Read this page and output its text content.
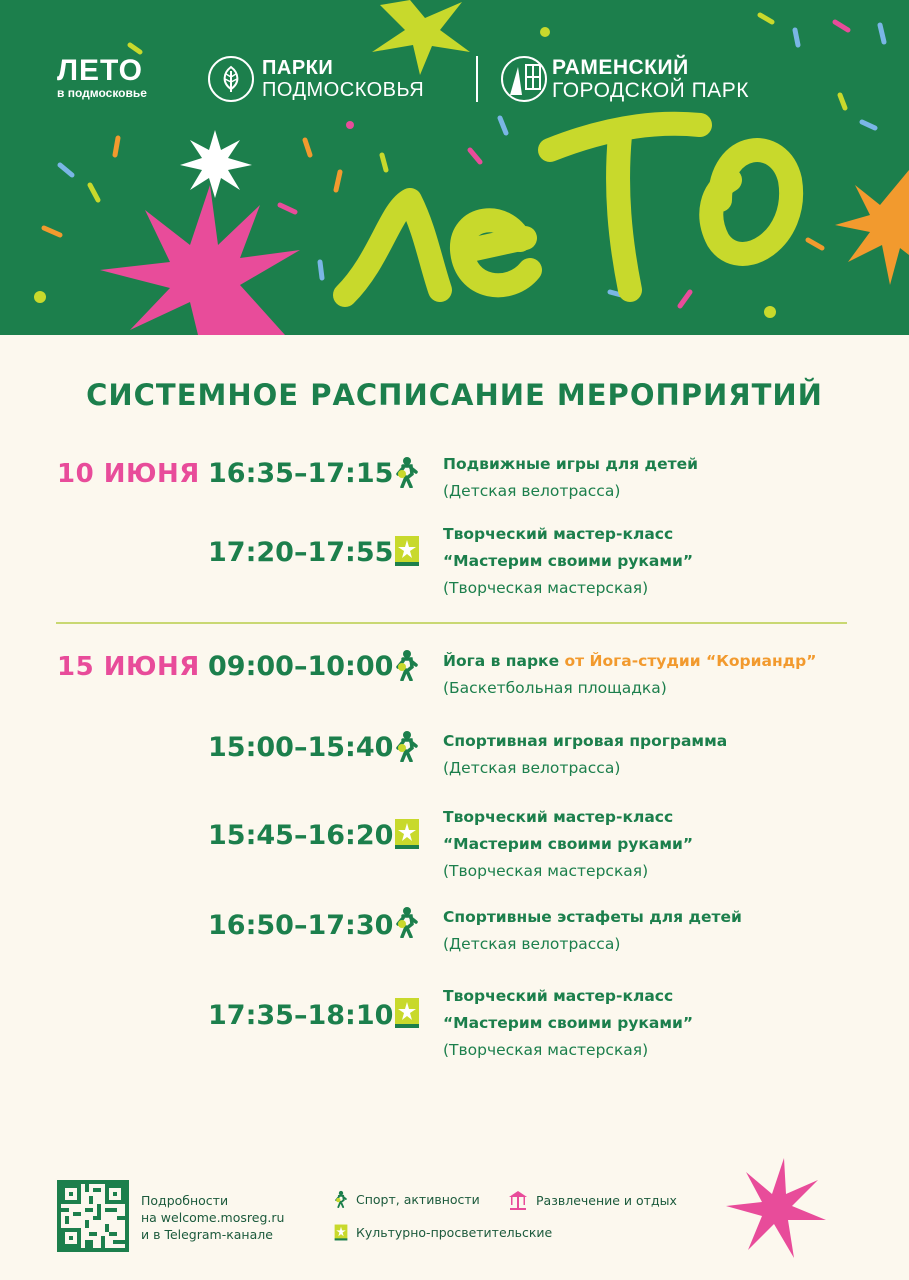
ЛЕТО
в подмосковье
ПАРКИ
ПОДМОСКОВЬЯ
РАМЕНСКИЙ
ГОРОДСКОЙ ПАРК
СИСТЕМНОЕ РАСПИСАНИЕ МЕРОПРИЯТИЙ
10 ИЮНЯ 16:35–17:15	Подвижные игры для детей
(Детская велотрасса)
17:20–17:55
Творческий мастер-класс
“Мастерим своими руками”
(Творческая мастерская)
15 ИЮНЯ 09:00–10:00	Йога в парке от Йога-студии “Кориандр”
(Баскетбольная площадка)
15:00–15:40	Спортивная игровая программа
(Детская велотрасса)
15:45–16:20
Творческий мастер-класс
“Мастерим своими руками”
(Творческая мастерская)
16:50–17:30	Спортивные эстафеты для детей
(Детская велотрасса)
17:35–18:10
Творческий мастер-класс
“Мастерим своими руками”
(Творческая мастерская)
Подробности
на welcome.mosreg.ru
и в Telegram-канале
Спорт, активности	Развлечение и отдых
Культурно-просветительские
